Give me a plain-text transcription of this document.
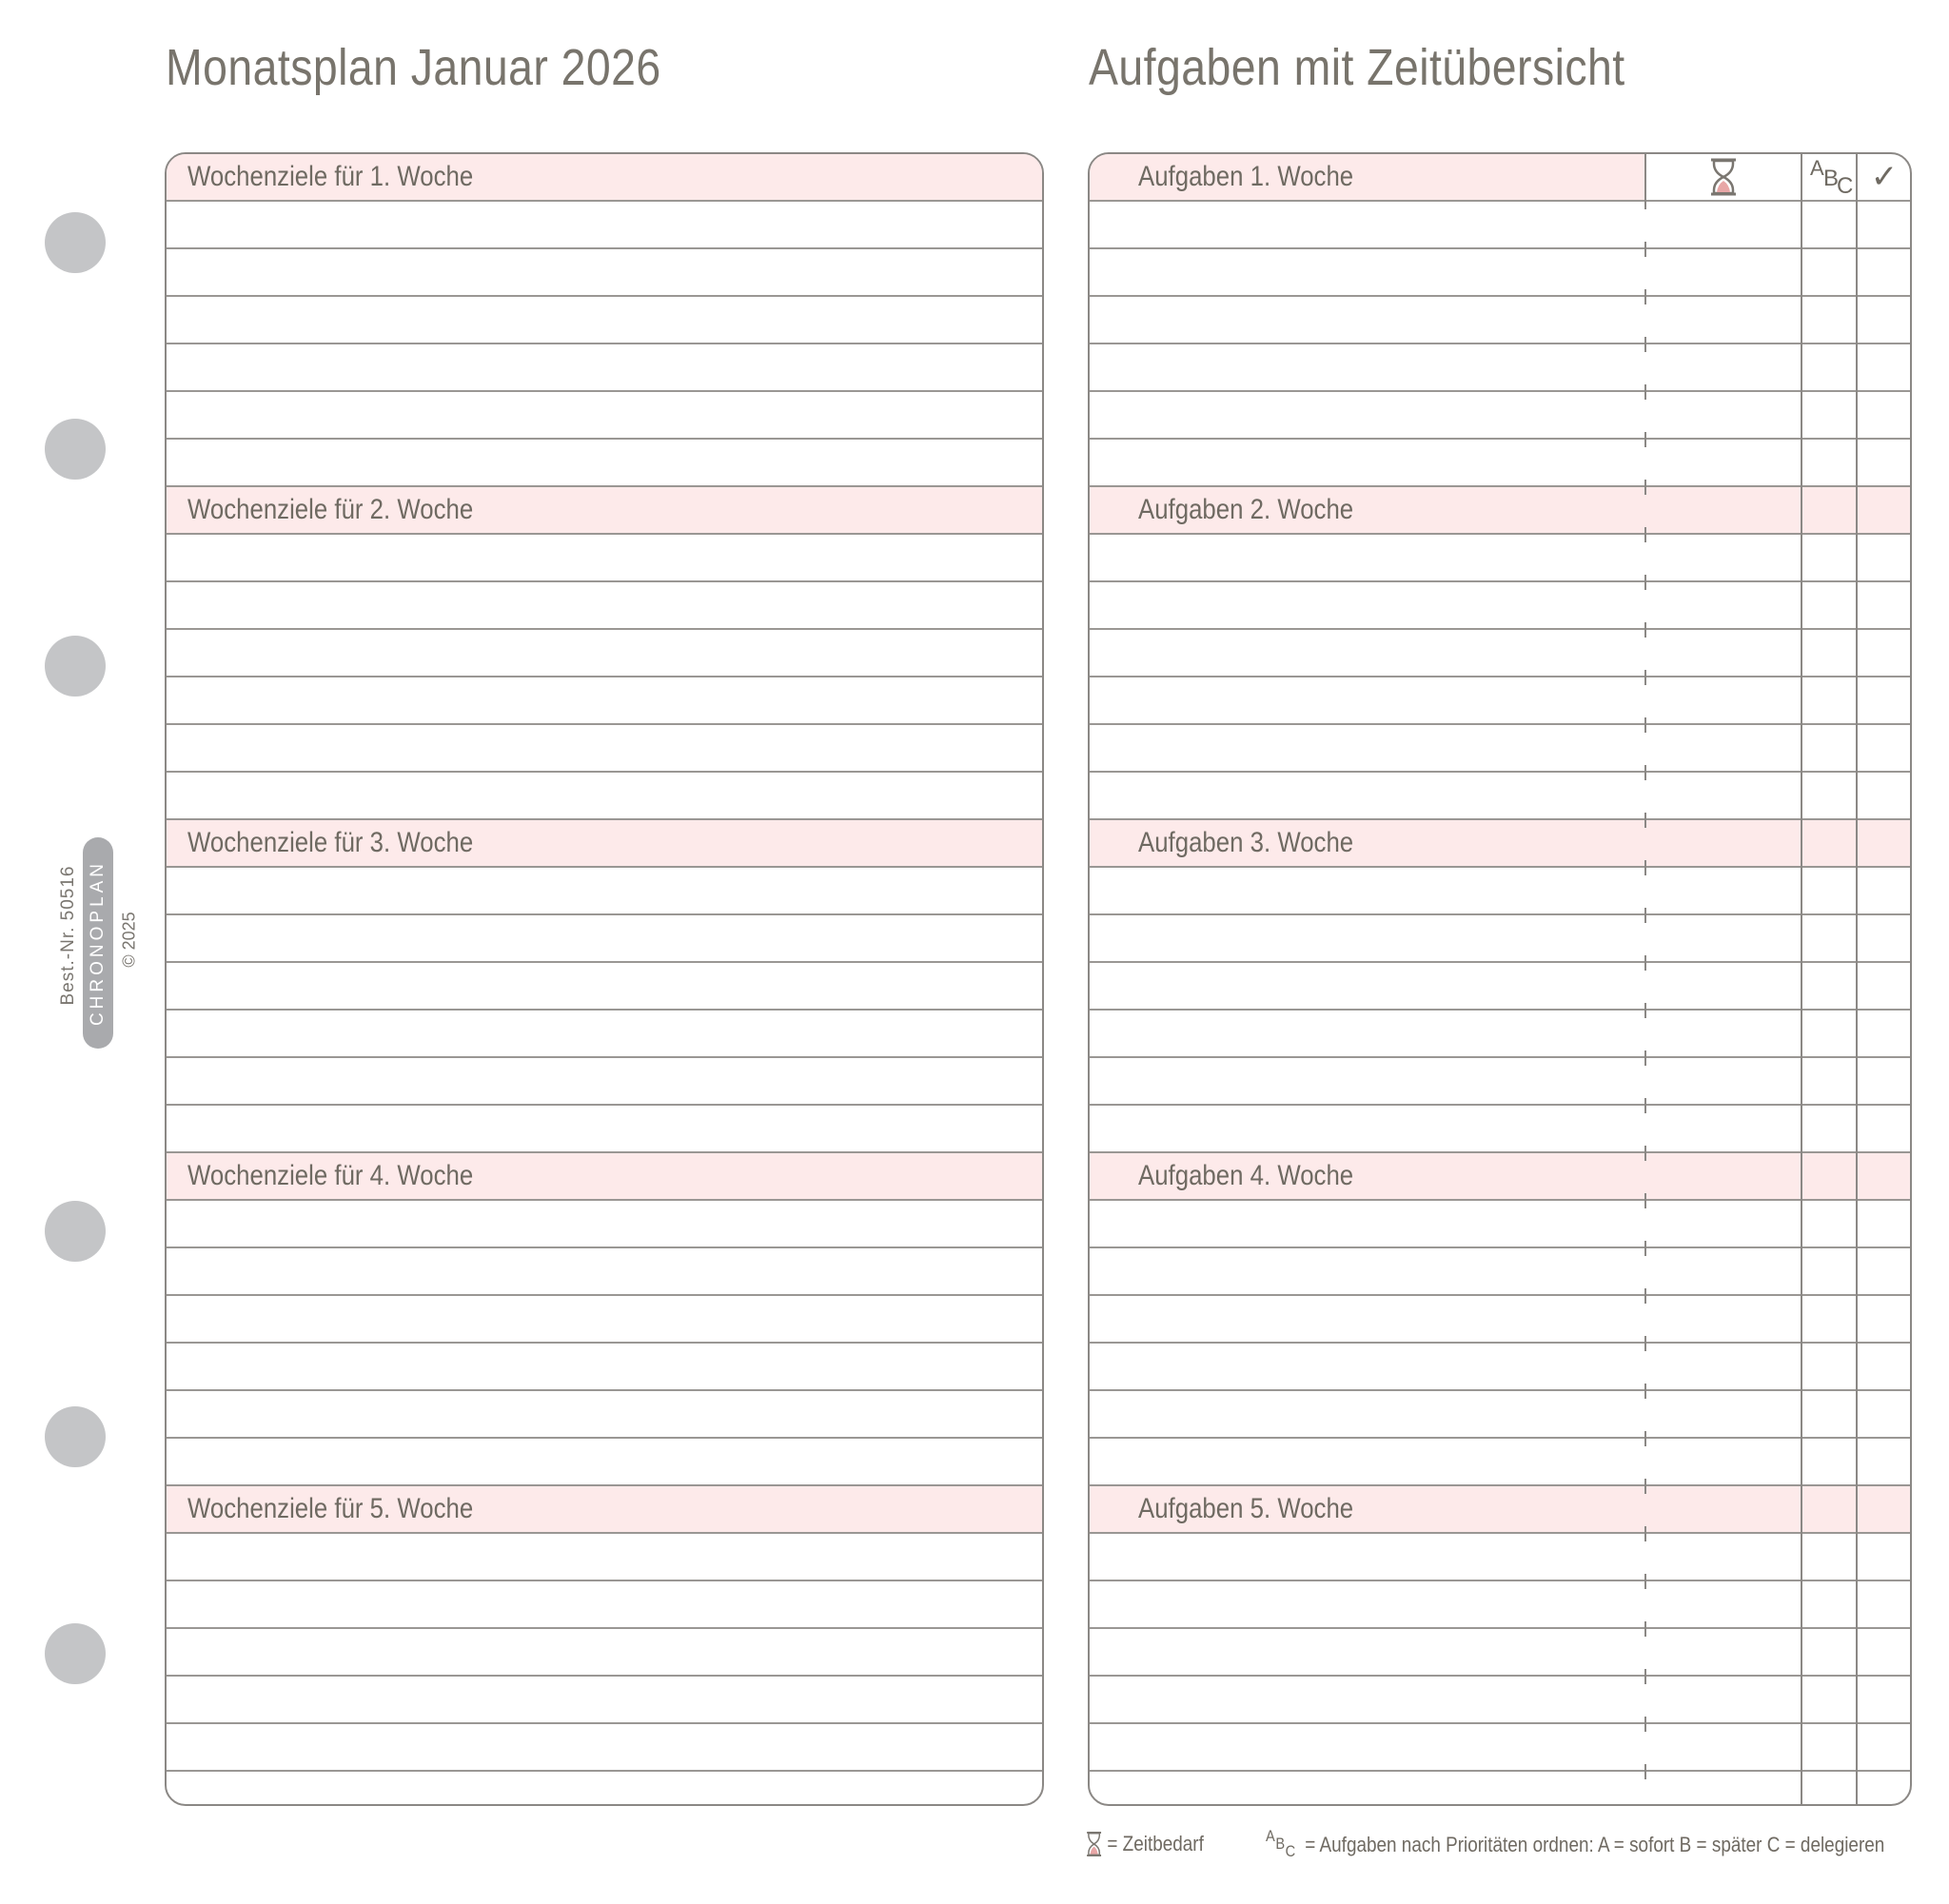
Monatsplan Januar 2026	Aufgaben mit Zeitübersicht
Best.-Nr. 50516 CHRONOPLAN © 2025
Wochenziele für 1. Woche
Wochenziele für 2. Woche
Wochenziele für 3. Woche
Wochenziele für 4. Woche
Wochenziele für 5. Woche
Aufgaben 1. Woche
Aufgaben 2. Woche
Aufgaben 3. Woche
Aufgaben 4. Woche
Aufgaben 5. Woche
A B
C ✓
= Zeitbedarf	A B C = Aufgaben nach Prioritäten ordnen: A = sofort B = später C = delegieren
